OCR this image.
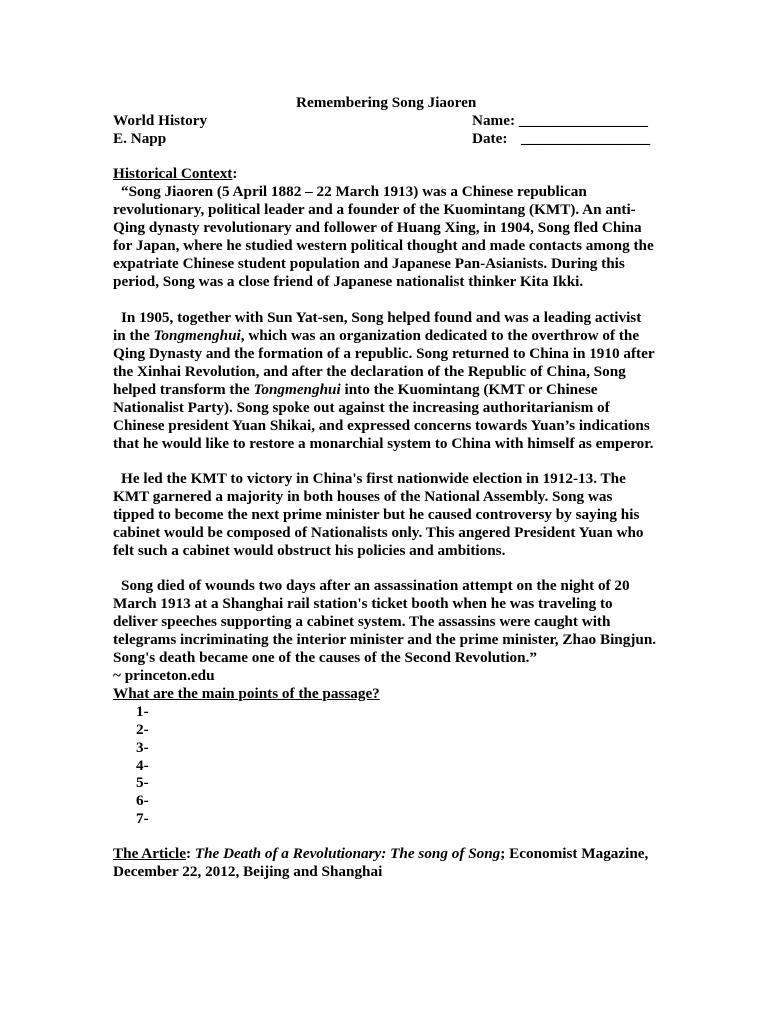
Remembering Song Jiaoren
World History	Name: _________________
E. Napp	Date: _________________
Historical Context:
“Song Jiaoren (5 April 1882 – 22 March 1913) was a Chinese republican
revolutionary, political leader and a founder of the Kuomintang (KMT). An anti-
Qing dynasty revolutionary and follower of Huang Xing, in 1904, Song fled China
for Japan, where he studied western political thought and made contacts among the
expatriate Chinese student population and Japanese Pan-Asianists. During this
period, Song was a close friend of Japanese nationalist thinker Kita Ikki.
In 1905, together with Sun Yat-sen, Song helped found and was a leading activist
in the Tongmenghui, which was an organization dedicated to the overthrow of the
Qing Dynasty and the formation of a republic. Song returned to China in 1910 after
the Xinhai Revolution, and after the declaration of the Republic of China, Song
helped transform the Tongmenghui into the Kuomintang (KMT or Chinese
Nationalist Party). Song spoke out against the increasing authoritarianism of
Chinese president Yuan Shikai, and expressed concerns towards Yuan’s indications
that he would like to restore a monarchial system to China with himself as emperor.
He led the KMT to victory in China's first nationwide election in 1912-13. The
KMT garnered a majority in both houses of the National Assembly. Song was
tipped to become the next prime minister but he caused controversy by saying his
cabinet would be composed of Nationalists only. This angered President Yuan who
felt such a cabinet would obstruct his policies and ambitions.
Song died of wounds two days after an assassination attempt on the night of 20
March 1913 at a Shanghai rail station's ticket booth when he was traveling to
deliver speeches supporting a cabinet system. The assassins were caught with
telegrams incriminating the interior minister and the prime minister, Zhao Bingjun.
Song's death became one of the causes of the Second Revolution.”
~ princeton.edu
What are the main points of the passage?
1-
2-
3-
4-
5-
6-
7-
The Article: The Death of a Revolutionary: The song of Song; Economist Magazine,
December 22, 2012, Beijing and Shanghai
